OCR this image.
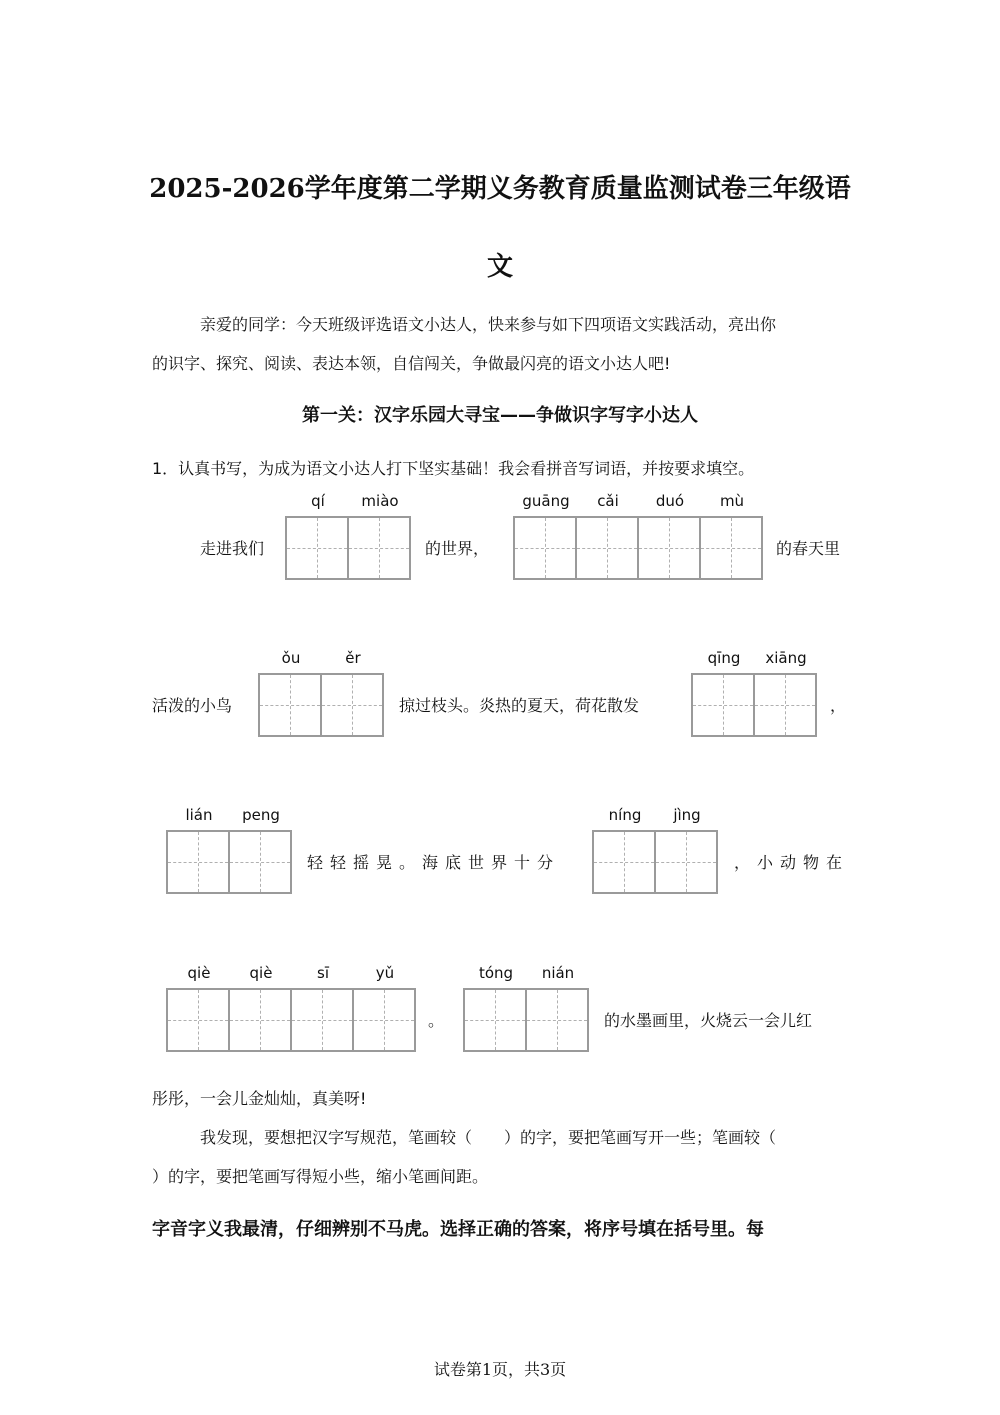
2025-2026学年度第二学期义务教育质量监测试卷三年级语
文
亲爱的同学：今天班级评选语文小达人，快来参与如下四项语文实践活动，亮出你
的识字、探究、阅读、表达本领，自信闯关，争做最闪亮的语文小达人吧!
第一关：汉字乐园大寻宝——争做识字写字小达人
1．认真书写，为成为语文小达人打下坚实基础！我会看拼音写词语，并按要求填空。
走进我们
qí	miào
的世界，
guāng	cǎi	duó	mù
的春天里
活泼的小鸟
ǒu	ěr
掠过枝头。炎热的夏天，荷花散发
qīng	xiāng
，
lián	peng
轻轻摇晃。海底世界十分
níng	jìng
，小动物在
qiè	qiè	sī	yǔ
。
tóng	nián
的水墨画里，火烧云一会儿红
彤彤，一会儿金灿灿，真美呀!
我发现，要想把汉字写规范，笔画较（　　）的字，要把笔画写开一些；笔画较（
）的字，要把笔画写得短小些，缩小笔画间距。
字音字义我最清，仔细辨别不马虎。选择正确的答案，将序号填在括号里。每
试卷第1页，共3页
